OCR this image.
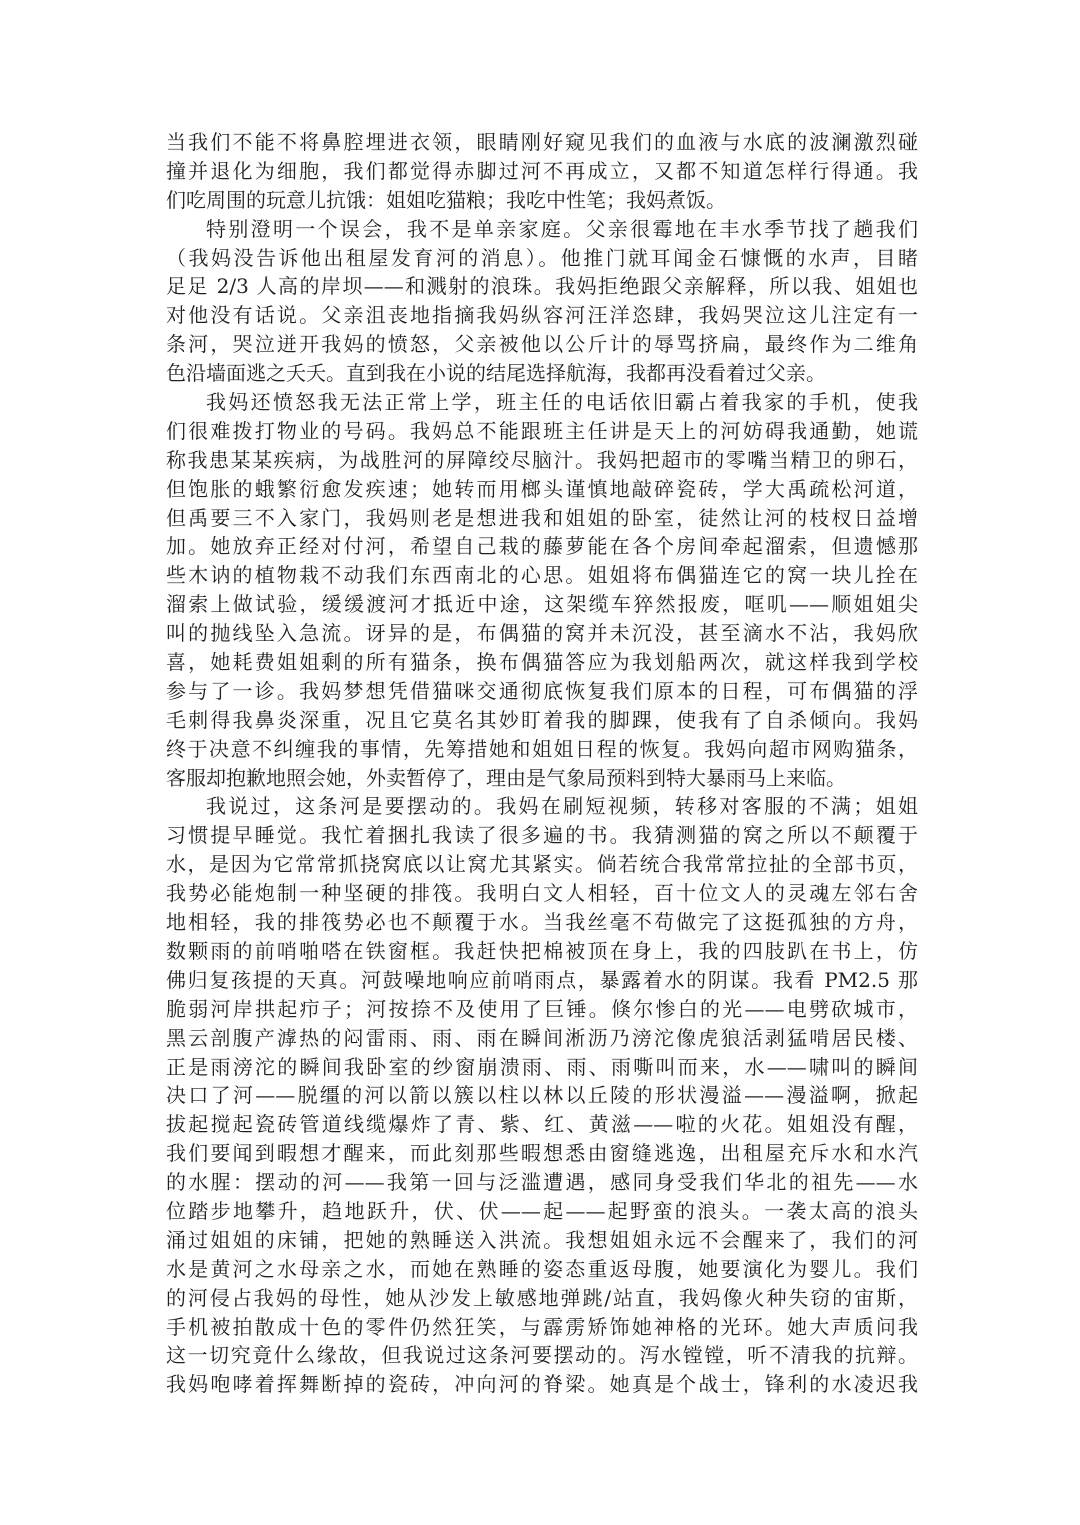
当我们不能不将鼻腔埋进衣领，眼睛刚好窥见我们的血液与水底的波澜激烈碰
撞并退化为细胞，我们都觉得赤脚过河不再成立，又都不知道怎样行得通。我
们吃周围的玩意儿抗饿：姐姐吃猫粮；我吃中性笔；我妈煮饭。
特别澄明一个误会，我不是单亲家庭。父亲很霉地在丰水季节找了趟我们
（我妈没告诉他出租屋发育河的消息）。他推门就耳闻金石慷慨的水声，目睹
足足 2/3 人高的岸坝——和溅射的浪珠。我妈拒绝跟父亲解释，所以我、姐姐也
对他没有话说。父亲沮丧地指摘我妈纵容河汪洋恣肆，我妈哭泣这儿注定有一
条河，哭泣迸开我妈的愤怒，父亲被他以公斤计的辱骂挤扁，最终作为二维角
色沿墙面逃之夭夭。直到我在小说的结尾选择航海，我都再没看着过父亲。
我妈还愤怒我无法正常上学，班主任的电话依旧霸占着我家的手机，使我
们很难拨打物业的号码。我妈总不能跟班主任讲是天上的河妨碍我通勤，她谎
称我患某某疾病，为战胜河的屏障绞尽脑汁。我妈把超市的零嘴当精卫的卵石，
但饱胀的蛾繁衍愈发疾速；她转而用榔头谨慎地敲碎瓷砖，学大禹疏松河道，
但禹要三不入家门，我妈则老是想进我和姐姐的卧室，徒然让河的枝杈日益增
加。她放弃正经对付河，希望自己栽的藤萝能在各个房间牵起溜索，但遗憾那
些木讷的植物栽不动我们东西南北的心思。姐姐将布偶猫连它的窝一块儿拴在
溜索上做试验，缓缓渡河才抵近中途，这架缆车猝然报废，哐叽——顺姐姐尖
叫的抛线坠入急流。讶异的是，布偶猫的窝并未沉没，甚至滴水不沾，我妈欣
喜，她耗费姐姐剩的所有猫条，换布偶猫答应为我划船两次，就这样我到学校
参与了一诊。我妈梦想凭借猫咪交通彻底恢复我们原本的日程，可布偶猫的浮
毛刺得我鼻炎深重，况且它莫名其妙盯着我的脚踝，使我有了自杀倾向。我妈
终于决意不纠缠我的事情，先筹措她和姐姐日程的恢复。我妈向超市网购猫条，
客服却抱歉地照会她，外卖暂停了，理由是气象局预料到特大暴雨马上来临。
我说过，这条河是要摆动的。我妈在刷短视频，转移对客服的不满；姐姐
习惯提早睡觉。我忙着捆扎我读了很多遍的书。我猜测猫的窝之所以不颠覆于
水，是因为它常常抓挠窝底以让窝尤其紧实。倘若统合我常常拉扯的全部书页，
我势必能炮制一种坚硬的排筏。我明白文人相轻，百十位文人的灵魂左邻右舍
地相轻，我的排筏势必也不颠覆于水。当我丝毫不苟做完了这挺孤独的方舟，
数颗雨的前哨啪嗒在铁窗框。我赶快把棉被顶在身上，我的四肢趴在书上，仿
佛归复孩提的天真。河鼓噪地响应前哨雨点，暴露着水的阴谋。我看 PM2.5 那
脆弱河岸拱起疖子；河按捺不及使用了巨锤。倏尔惨白的光——电劈砍城市，
黑云剖腹产滹热的闷雷雨、雨、雨在瞬间淅沥乃滂沱像虎狼活剥猛啃居民楼、
正是雨滂沱的瞬间我卧室的纱窗崩溃雨、雨、雨嘶叫而来，水——啸叫的瞬间
决口了河——脱缰的河以箭以簇以柱以林以丘陵的形状漫溢——漫溢啊，掀起
拔起搅起瓷砖管道线缆爆炸了青、紫、红、黄滋——啦的火花。姐姐没有醒，
我们要闻到暇想才醒来，而此刻那些暇想悉由窗缝逃逸，出租屋充斥水和水汽
的水腥：摆动的河——我第一回与泛滥遭遇，感同身受我们华北的祖先——水
位踏步地攀升，趋地跃升，伏、伏——起——起野蛮的浪头。一袭太高的浪头
涌过姐姐的床铺，把她的熟睡送入洪流。我想姐姐永远不会醒来了，我们的河
水是黄河之水母亲之水，而她在熟睡的姿态重返母腹，她要演化为婴儿。我们
的河侵占我妈的母性，她从沙发上敏感地弹跳/站直，我妈像火种失窃的宙斯，
手机被拍散成十色的零件仍然狂笑，与霹雳矫饰她神格的光环。她大声质问我
这一切究竟什么缘故，但我说过这条河要摆动的。泻水镗镗，听不清我的抗辩。
我妈咆哮着挥舞断掉的瓷砖，冲向河的脊梁。她真是个战士，锋利的水凌迟我
